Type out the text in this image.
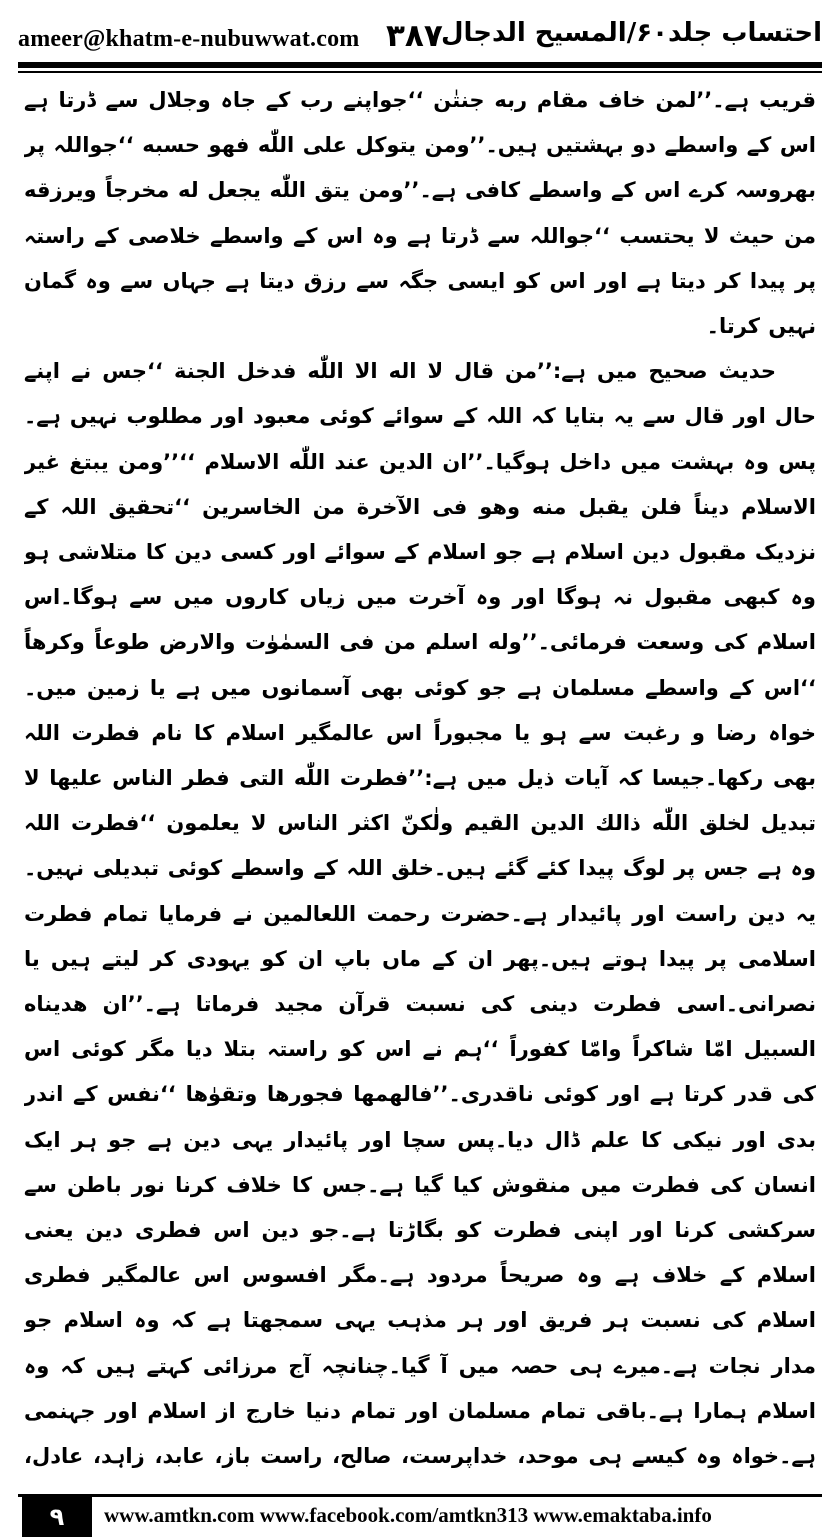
ameer@khatm-e-nubuwwat.com ۳۸۷
احتساب جلد۶۰/المسیح الدجال

قریب ہے۔’’لمن خاف مقام ربه جنتٰن ‘‘جواپنے رب کے جاہ وجلال سے ڈرتا ہے اس کے واسطے دو بہشتیں ہیں۔’’ومن یتوکل علی اللّٰه فهو حسبه ‘‘جواللہ پر بھروسہ کرے اس کے واسطے کافی ہے۔’’ومن یتق اللّٰه یجعل له مخرجاً ویرزقه من حیث لا یحتسب ‘‘جواللہ سے ڈرتا ہے وہ اس کے واسطے خلاصی کے راستہ پر پیدا کر دیتا ہے اور اس کو ایسی جگہ سے رزق دیتا ہے جہاں سے وہ گمان نہیں کرتا۔

حدیث صحیح میں ہے:’’من قال لا اله الا اللّٰه فدخل الجنة ‘‘جس نے اپنے حال اور قال سے یہ بتایا کہ اللہ کے سوائے کوئی معبود اور مطلوب نہیں ہے۔پس وہ بہشت میں داخل ہوگیا۔’’ان الدین عند اللّٰه الاسلام ‘‘’’ومن یبتغ غیر الاسلام دیناً فلن یقبل منه وهو فی الآخرة من الخاسرین ‘‘تحقیق اللہ کے نزدیک مقبول دین اسلام ہے جو اسلام کے سوائے اور کسی دین کا متلاشی ہو وہ کبھی مقبول نہ ہوگا اور وہ آخرت میں زیاں کاروں میں سے ہوگا۔اس اسلام کی وسعت فرمائی۔’’وله اسلم من فی السمٰوٰت والارض طوعاً وکرهاً ‘‘اس کے واسطے مسلمان ہے جو کوئی بھی آسمانوں میں ہے یا زمین میں۔خواہ رضا و رغبت سے ہو یا مجبوراً اس عالمگیر اسلام کا نام فطرت اللہ بھی رکھا۔جیسا کہ آیات ذیل میں ہے:’’فطرت اللّٰه التی فطر الناس علیها لا تبدیل لخلق اللّٰه ذالك الدین القیم ولٰکنّ اکثر الناس لا یعلمون ‘‘فطرت اللہ وہ ہے جس پر لوگ پیدا کئے گئے ہیں۔خلق اللہ کے واسطے کوئی تبدیلی نہیں۔یہ دین راست اور پائیدار ہے۔حضرت رحمت اللعالمین نے فرمایا تمام فطرت اسلامی پر پیدا ہوتے ہیں۔پھر ان کے ماں باپ ان کو یہودی کر لیتے ہیں یا نصرانی۔اسی فطرت دینی کی نسبت قرآن مجید فرماتا ہے۔’’ان هدیناه السبیل امّا شاکراً وامّا کفوراً ‘‘ہم نے اس کو راستہ بتلا دیا مگر کوئی اس کی قدر کرتا ہے اور کوئی ناقدری۔’’فالهمها فجورها وتقوٰها ‘‘نفس کے اندر بدی اور نیکی کا علم ڈال دیا۔پس سچا اور پائیدار یہی دین ہے جو ہر ایک انسان کی فطرت میں منقوش کیا گیا ہے۔جس کا خلاف کرنا نور باطن سے سرکشی کرنا اور اپنی فطرت کو بگاڑتا ہے۔جو دین اس فطری دین یعنی اسلام کے خلاف ہے وہ صریحاً مردود ہے۔مگر افسوس اس عالمگیر فطری اسلام کی نسبت ہر فریق اور ہر مذہب یہی سمجھتا ہے کہ وہ اسلام جو مدار نجات ہے۔میرے ہی حصہ میں آ گیا۔چنانچہ آج مرزائی کہتے ہیں کہ وہ اسلام ہمارا ہے۔باقی تمام مسلمان اور تمام دنیا خارج از اسلام اور جہنمی ہے۔خواہ وہ کیسے ہی موحد، خداپرست، صالح، راست باز، عابد، زاہد، عادل،

۹	www.amtkn.com www.facebook.com/amtkn313 www.emaktaba.info
